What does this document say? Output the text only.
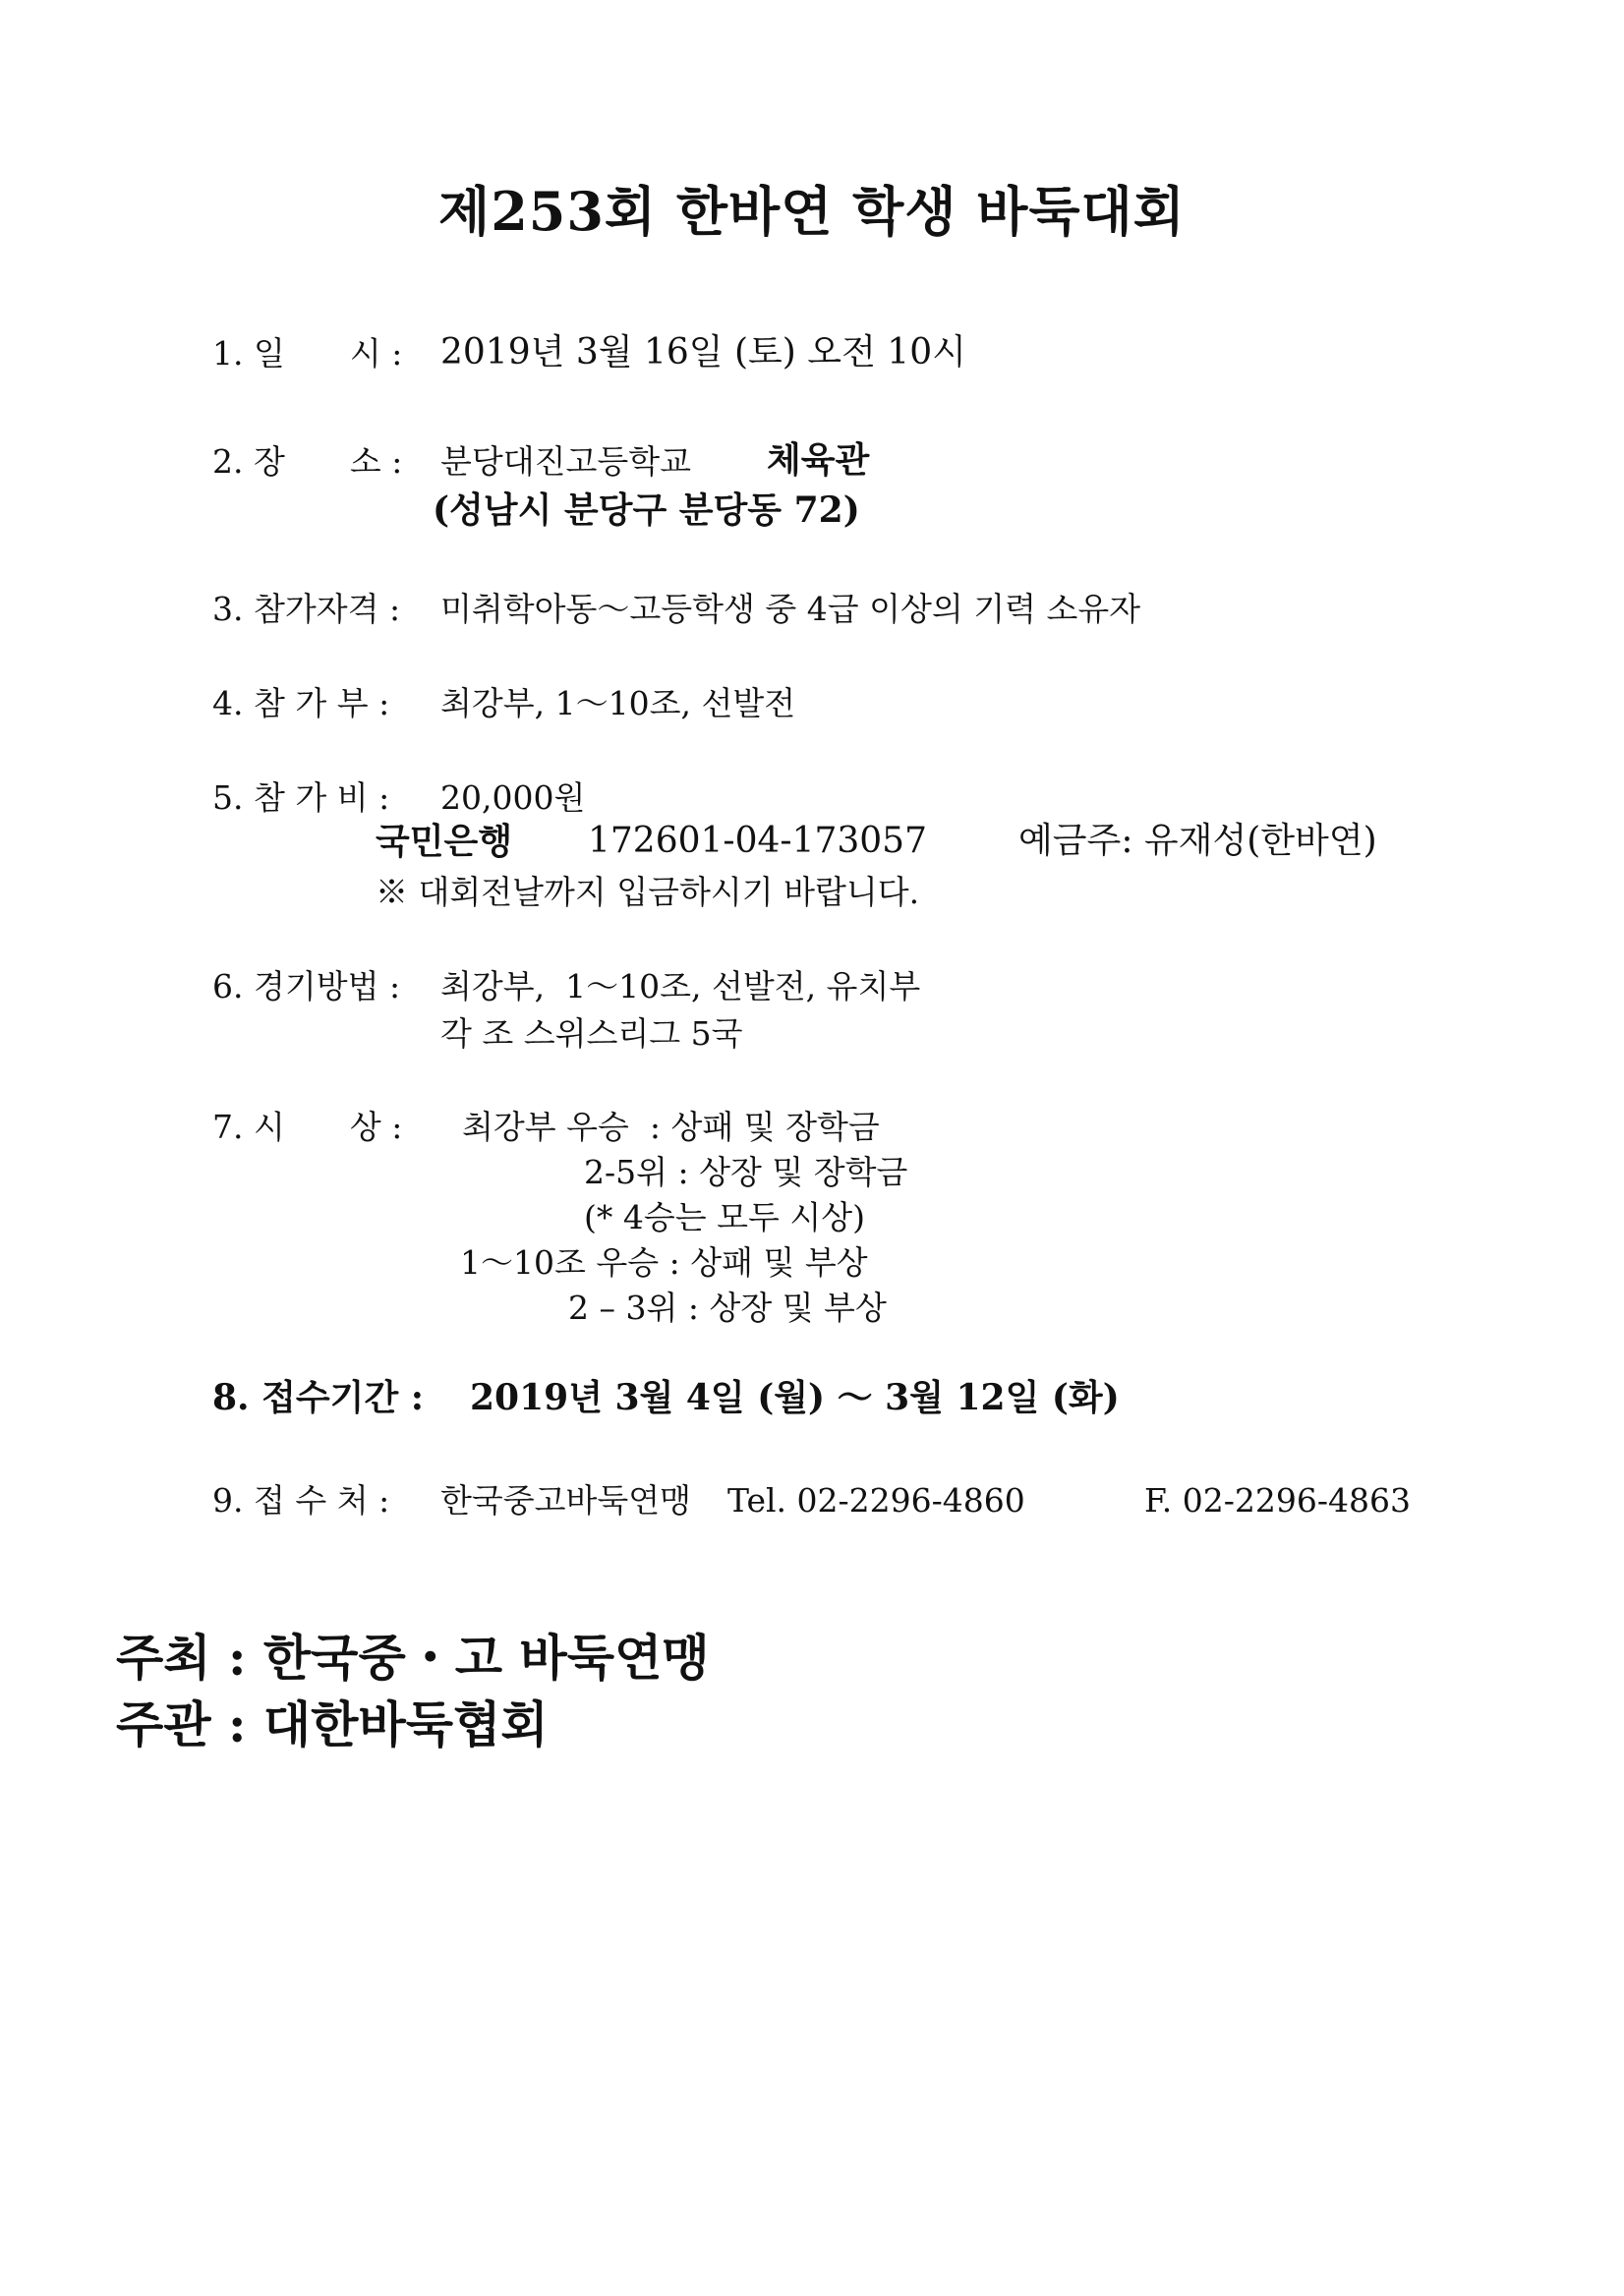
제253회 한바연 학생 바둑대회
1. 일　　시 : 2019년 3월 16일 (토) 오전 10시
2. 장　　소 : 분당대진고등학교 체육관
(성남시 분당구 분당동 72)
3. 참가자격 : 미취학아동～고등학생 중 4급 이상의 기력 소유자
4. 참 가 부 : 최강부, 1～10조, 선발전
5. 참 가 비 : 20,000원
국민은행 172601-04-173057	예금주: 유재성(한바연)
※ 대회전날까지 입금하시기 바랍니다.
6. 경기방법 : 최강부,  1～10조, 선발전, 유치부
각 조 스위스리그 5국
7. 시　　상 : 최강부 우승  : 상패 및 장학금
2-5위 : 상장 및 장학금
(* 4승는 모두 시상)
1～10조 우승 : 상패 및 부상
2 – 3위 : 상장 및 부상
8. 접수기간 : 2019년 3월 4일 (월) ～ 3월 12일 (화)
9. 접 수 처 : 한국중고바둑연맹 Tel. 02-2296-4860	F. 02-2296-4863
주최 : 한국중・고 바둑연맹
주관 : 대한바둑협회
